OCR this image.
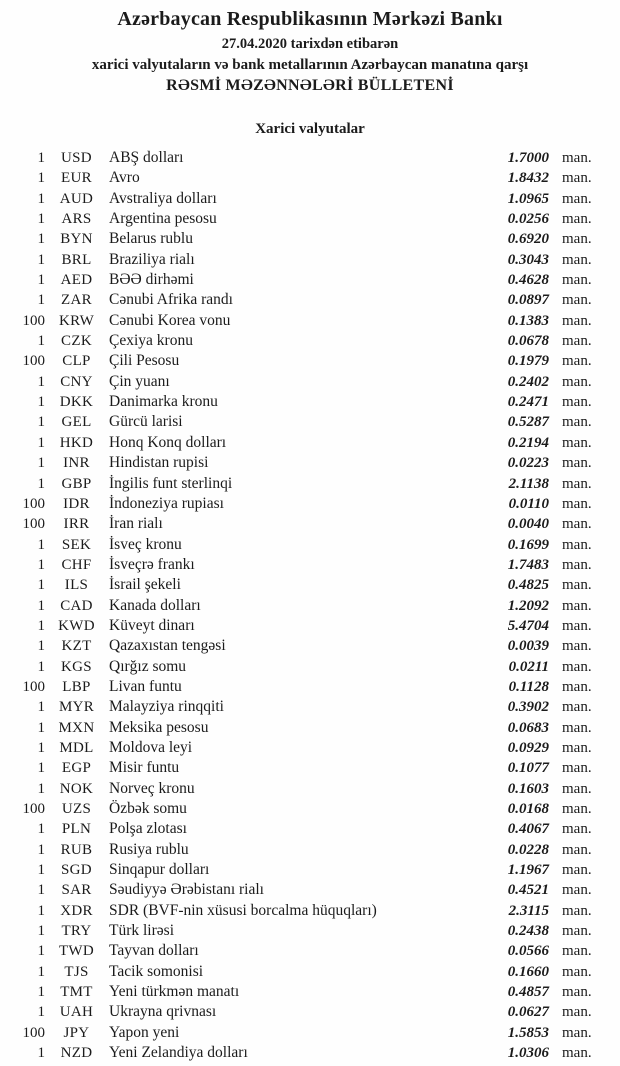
Azərbaycan Respublikasının Mərkəzi Bankı
27.04.2020 tarixdən etibarən
xarici valyutaların və bank metallarının Azərbaycan manatına qarşı
RƏSMİ MƏZƏNNƏLƏRİ BÜLLETENİ
Xarici valyutalar
1	USD	ABŞ dolları	1.7000 man.
1	EUR	Avro	1.8432 man.
1 AUD	Avstraliya dolları	1.0965 man.
1	ARS	Argentina pesosu	0.0256 man.
1	BYN	Belarus rublu	0.6920 man.
1	BRL	Braziliya rialı	0.3043 man.
1	AED	BƏƏ dirhəmi	0.4628 man.
1	ZAR	Cənubi Afrika randı	0.0897 man.
100 KRW Cənubi Korea vonu	0.1383 man.
1	CZK	Çexiya kronu	0.0678 man.
100	CLP	Çili Pesosu	0.1979 man.
1	CNY	Çin yuanı	0.2402 man.
1 DKK	Danimarka kronu	0.2471 man.
1	GEL	Gürcü larisi	0.5287 man.
1 HKD	Honq Konq dolları	0.2194 man.
1	INR	Hindistan rupisi	0.0223 man.
1	GBP	İngilis funt sterlinqi	2.1138 man.
100	IDR	İndoneziya rupiası	0.0110 man.
100	IRR	İran rialı	0.0040 man.
1	SEK	İsveç kronu	0.1699 man.
1	CHF	İsveçrə frankı	1.7483 man.
1	ILS	İsrail şekeli	0.4825 man.
1	CAD	Kanada dolları	1.2092 man.
1 KWD Küveyt dinarı	5.4704 man.
1	KZT	Qazaxıstan tengəsi	0.0039 man.
1	KGS	Qırğız somu	0.0211 man.
100	LBP	Livan funtu	0.1128 man.
1 MYR Malayziya rinqqiti	0.3902 man.
1 MXN Meksika pesosu	0.0683 man.
1 MDL Moldova leyi	0.0929 man.
1	EGP	Misir funtu	0.1077 man.
1 NOK	Norveç kronu	0.1603 man.
100	UZS	Özbək somu	0.0168 man.
1	PLN	Polşa zlotası	0.4067 man.
1	RUB	Rusiya rublu	0.0228 man.
1	SGD	Sinqapur dolları	1.1967 man.
1	SAR	Səudiyyə Ərəbistanı rialı	0.4521 man.
1	XDR	SDR (BVF-nin xüsusi borcalma hüquqları)	2.3115 man.
1	TRY	Türk lirəsi	0.2438 man.
1 TWD Tayvan dolları	0.0566 man.
1	TJS	Tacik somonisi	0.1660 man.
1	TMT	Yeni türkmən manatı	0.4857 man.
1 UAH	Ukrayna qrivnası	0.0627 man.
100	JPY	Yapon yeni	1.5853 man.
1	NZD	Yeni Zelandiya dolları	1.0306 man.
